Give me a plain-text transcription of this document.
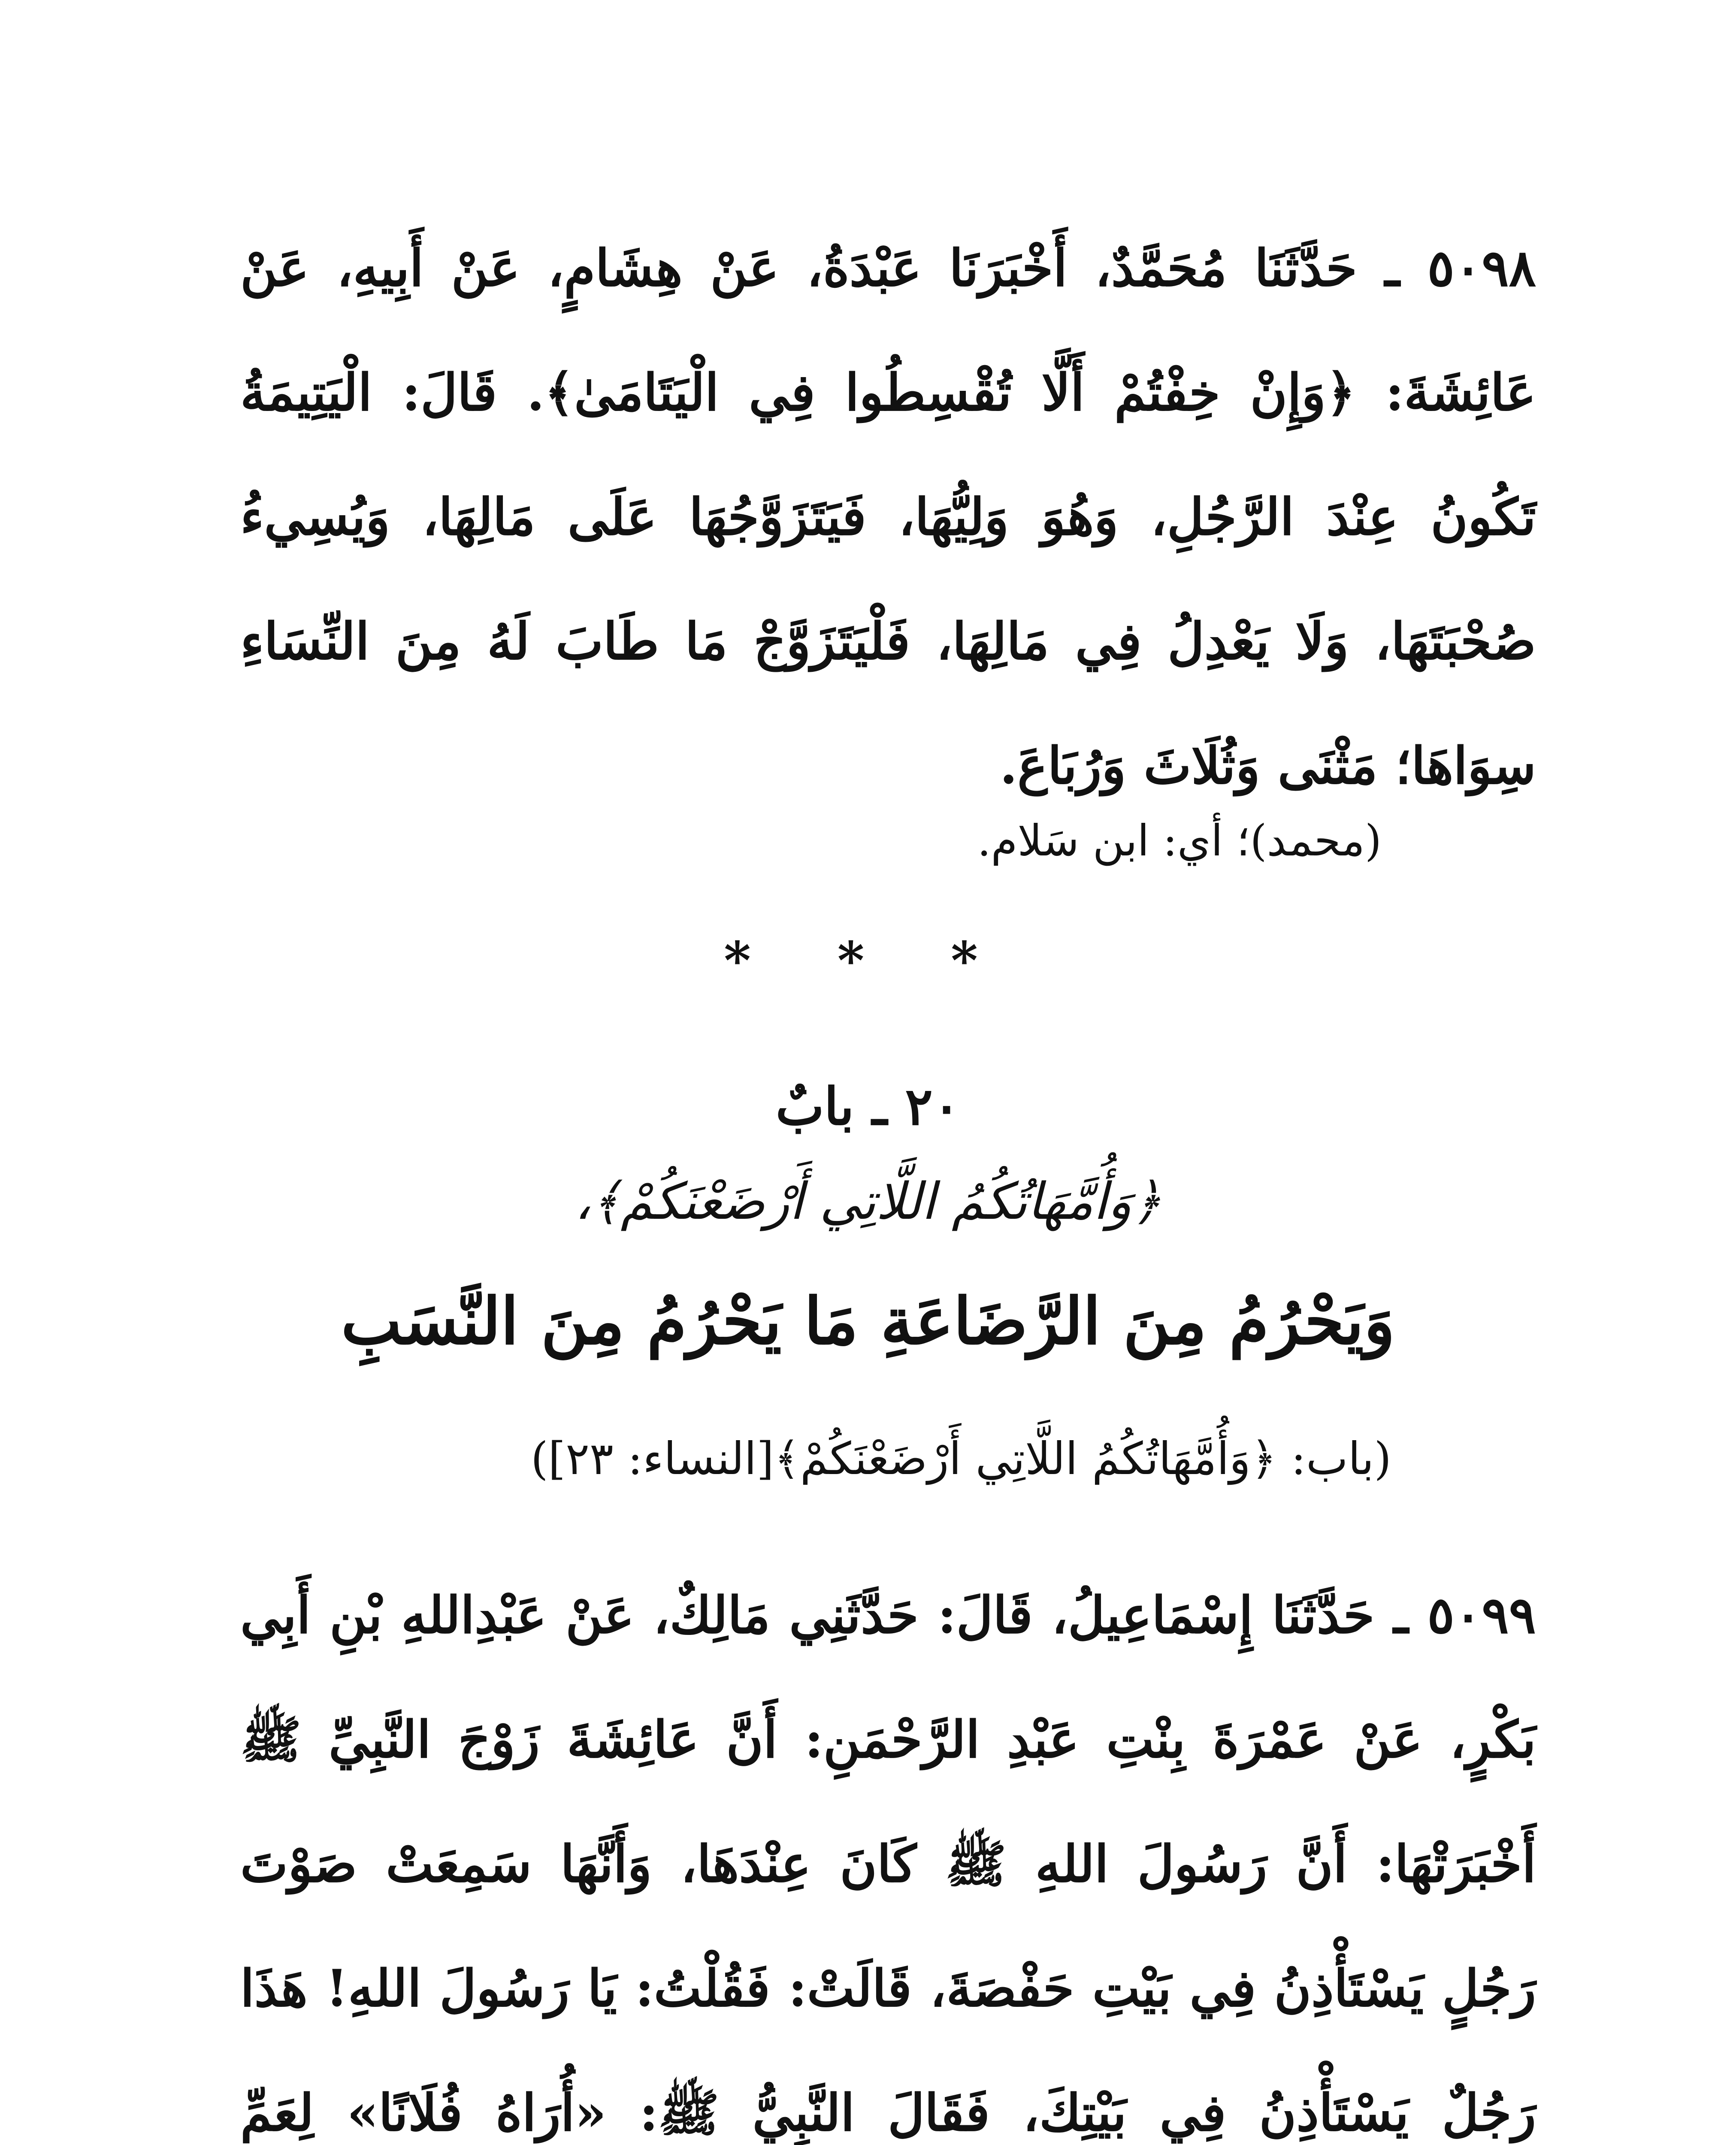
٥٠٩٨ ـ حَدَّثَنَا مُحَمَّدٌ، أَخْبَرَنَا عَبْدَةُ، عَنْ هِشَامٍ، عَنْ أَبِيهِ، عَنْ عَائِشَةَ: ﴿وَإِنْ خِفْتُمْ أَلَّا تُقْسِطُوا فِي الْيَتَامَىٰ﴾. قَالَ: الْيَتِيمَةُ تَكُونُ عِنْدَ الرَّجُلِ، وَهُوَ وَلِيُّهَا، فَيَتَزَوَّجُهَا عَلَى مَالِهَا، وَيُسِيءُ صُحْبَتَهَا، وَلَا يَعْدِلُ فِي مَالِهَا، فَلْيَتَزَوَّجْ مَا طَابَ لَهُ مِنَ النِّسَاءِ سِوَاهَا؛ مَثْنَى وَثُلَاثَ وَرُبَاعَ.

(محمد)؛ أي: ابن سَلام.

* * *
٢٠ ـ بابٌ
﴿وَأُمَّهَاتُكُمُ اللَّاتِي أَرْضَعْنَكُمْ﴾،
وَيَحْرُمُ مِنَ الرَّضَاعَةِ مَا يَحْرُمُ مِنَ النَّسَبِ
(باب: ﴿وَأُمَّهَاتُكُمُ اللَّاتِي أَرْضَعْنَكُمْ﴾[النساء: ٢٣])

٥٠٩٩ ـ حَدَّثَنَا إِسْمَاعِيلُ، قَالَ: حَدَّثَنِي مَالِكٌ، عَنْ عَبْدِاللهِ بْنِ أَبِي بَكْرٍ، عَنْ عَمْرَةَ بِنْتِ عَبْدِ الرَّحْمَنِ: أَنَّ عَائِشَةَ زَوْجَ النَّبِيِّ ﷺ أَخْبَرَتْهَا: أَنَّ رَسُولَ اللهِ ﷺ كَانَ عِنْدَهَا، وَأَنَّهَا سَمِعَتْ صَوْتَ رَجُلٍ يَسْتَأْذِنُ فِي بَيْتِ حَفْصَةَ، قَالَتْ: فَقُلْتُ: يَا رَسُولَ اللهِ! هَذَا رَجُلٌ يَسْتَأْذِنُ فِي بَيْتِكَ، فَقَالَ النَّبِيُّ ﷺ: «أُرَاهُ فُلَانًا» لِعَمِّ
